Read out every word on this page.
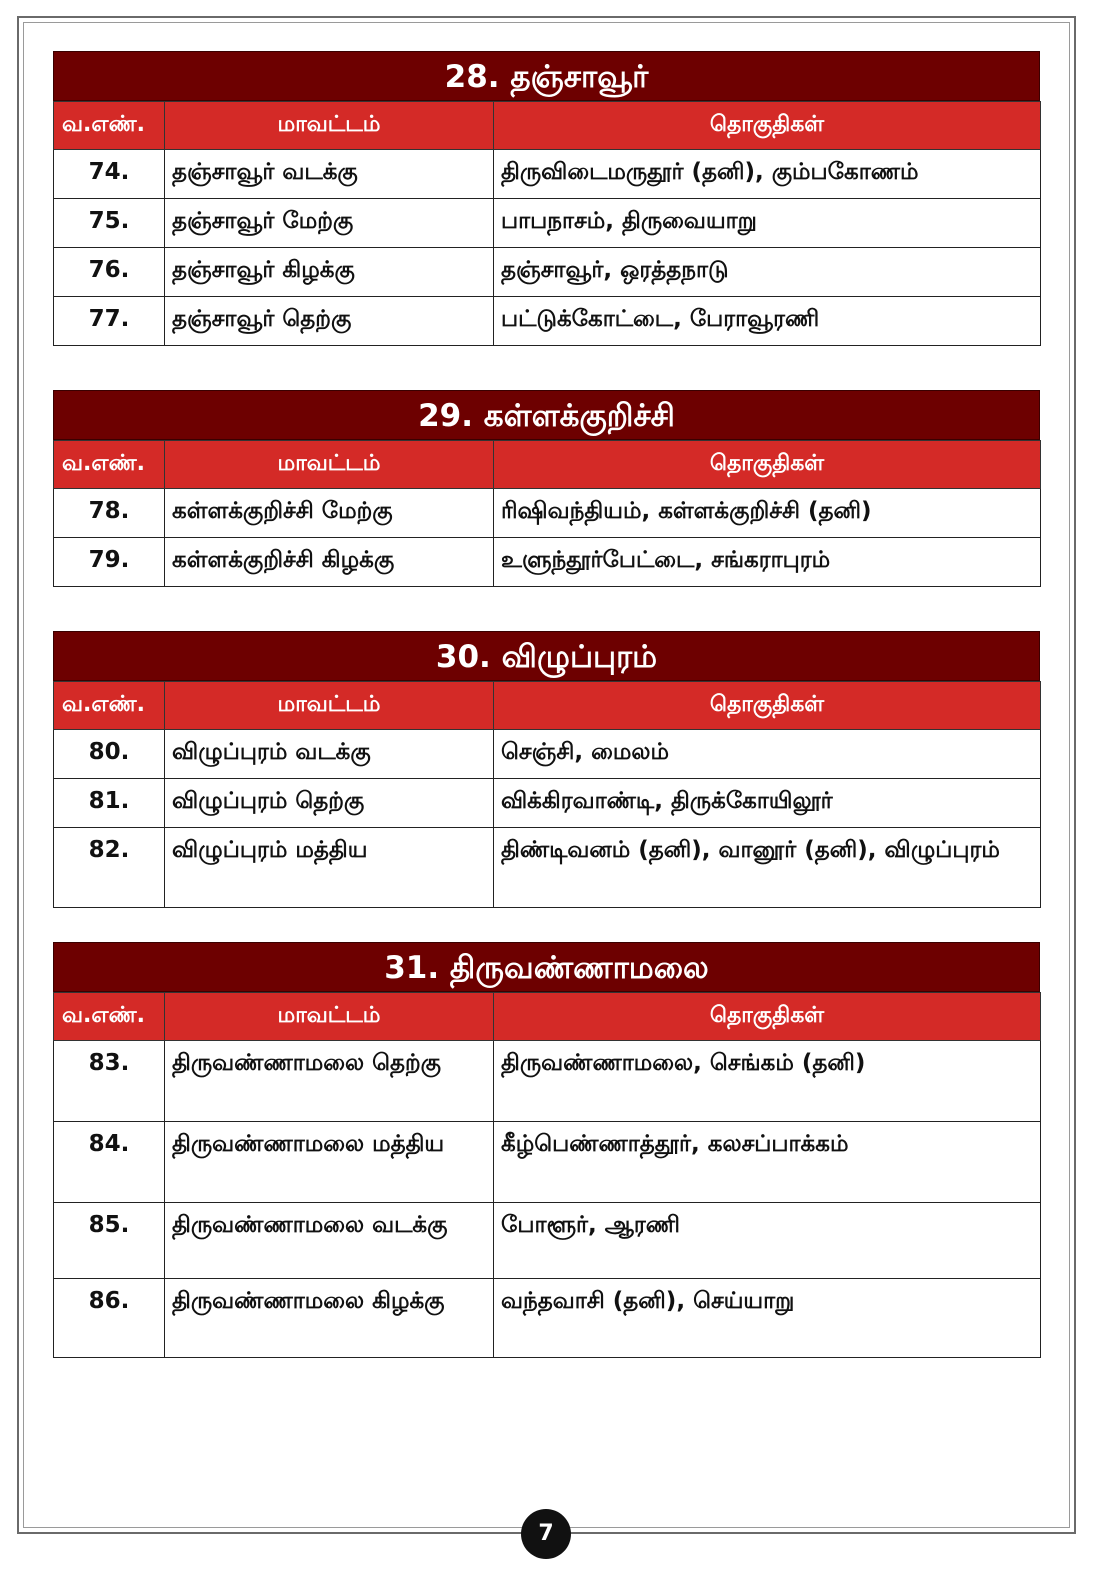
28. தஞ்சாவூர்
வ.எண்.	மாவட்டம்	தொகுதிகள்
74.	தஞ்சாவூர் வடக்கு	திருவிடைமருதூர் (தனி), கும்பகோணம்
75.	தஞ்சாவூர் மேற்கு	பாபநாசம், திருவையாறு
76.	தஞ்சாவூர் கிழக்கு	தஞ்சாவூர், ஒரத்தநாடு
77.	தஞ்சாவூர் தெற்கு	பட்டுக்கோட்டை, பேராவூரணி
29. கள்ளக்குறிச்சி
வ.எண்.	மாவட்டம்	தொகுதிகள்
78.	கள்ளக்குறிச்சி மேற்கு	ரிஷிவந்தியம், கள்ளக்குறிச்சி (தனி)
79.	கள்ளக்குறிச்சி கிழக்கு	உளுந்தூர்பேட்டை, சங்கராபுரம்
30. விழுப்புரம்
வ.எண்.	மாவட்டம்	தொகுதிகள்
80.	விழுப்புரம் வடக்கு	செஞ்சி, மைலம்
81.	விழுப்புரம் தெற்கு	விக்கிரவாண்டி, திருக்கோயிலூர்
82.	விழுப்புரம் மத்திய	திண்டிவனம் (தனி), வானூர் (தனி), விழுப்புரம்
31. திருவண்ணாமலை
வ.எண்.	மாவட்டம்	தொகுதிகள்
83.	திருவண்ணாமலை தெற்கு	திருவண்ணாமலை, செங்கம் (தனி)
84.	திருவண்ணாமலை மத்திய	கீழ்பெண்ணாத்தூர், கலசப்பாக்கம்
85.	திருவண்ணாமலை வடக்கு	போளூர், ஆரணி
86.	திருவண்ணாமலை கிழக்கு	வந்தவாசி (தனி), செய்யாறு
7
